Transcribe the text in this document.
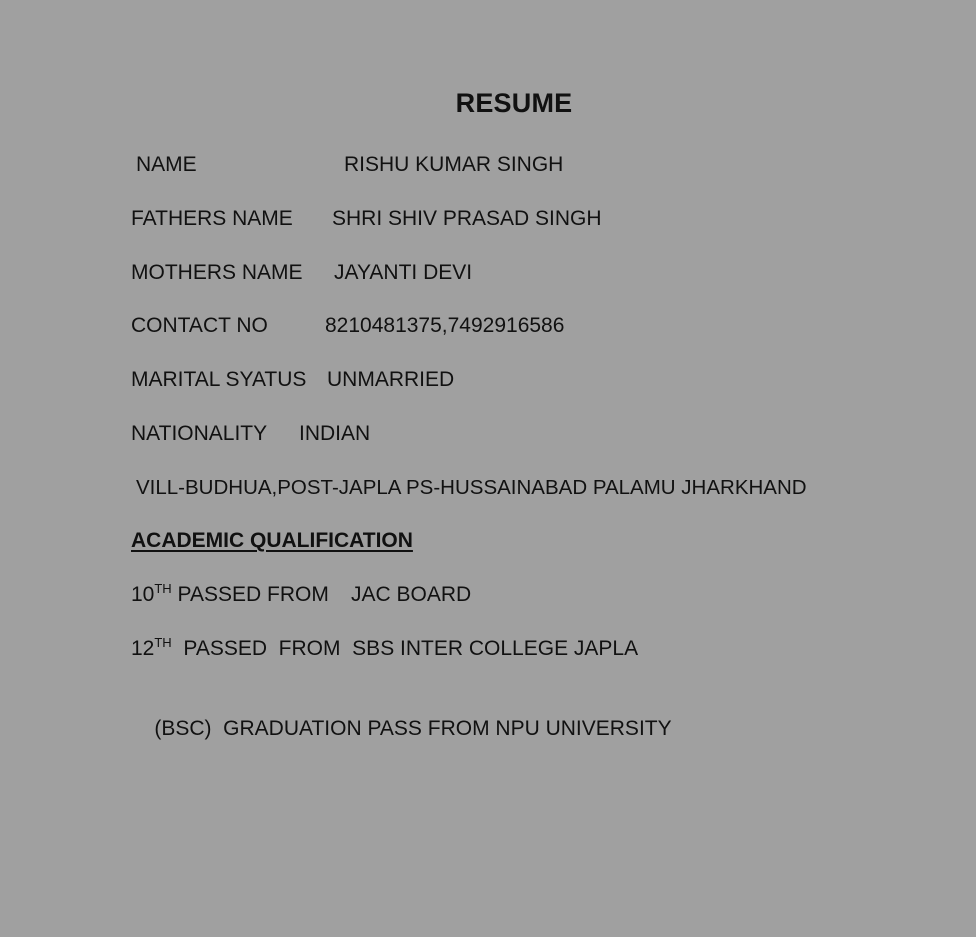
RESUME
NAME	RISHU KUMAR SINGH
FATHERS NAME SHRI SHIV PRASAD SINGH
MOTHERS NAME JAYANTI DEVI
CONTACT NO	8210481375,7492916586
MARITAL SYATUS UNMARRIED
NATIONALITY INDIAN
VILL-BUDHUA,POST-JAPLA PS-HUSSAINABAD PALAMU JHARKHAND
ACADEMIC QUALIFICATION
10TH PASSED FROM JAC BOARD
12TH PASSED  FROM  SBS INTER COLLEGE JAPLA

(BSC)  GRADUATION PASS FROM NPU UNIVERSITY
